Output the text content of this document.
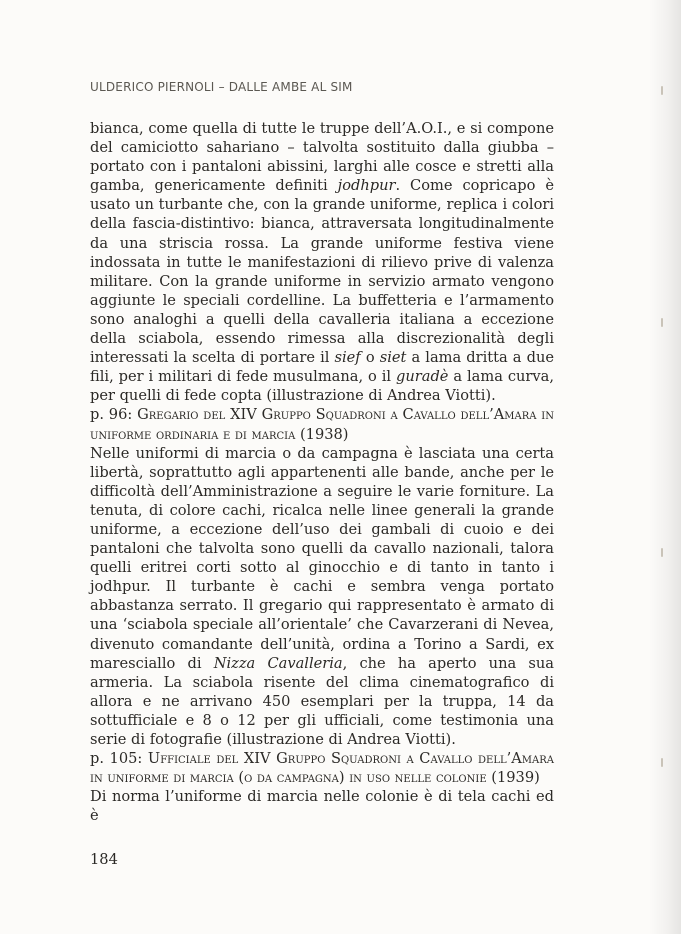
ULDERICO PIERNOLI – DALLE AMBE AL SIM

bianca, come quella di tutte le truppe dell’A.O.I., e si compone del camiciotto sahariano – talvolta sostituito dalla giubba – portato con i pantaloni abissini, larghi alle cosce e stretti alla gamba, genericamente definiti jodhpur. Come copricapo è usato un turbante che, con la grande uniforme, replica i colori della fascia-distintivo: bianca, attraversata longitudinalmente da una striscia rossa. La grande uniforme festiva viene indossata in tutte le manifestazioni di rilievo prive di valenza militare. Con la grande uniforme in servizio armato vengono aggiunte le speciali cordelline. La buffetteria e l’armamento sono analoghi a quelli della cavalleria italiana a eccezione della sciabola, essendo rimessa alla discrezionalità degli interessati la scelta di portare il sief o siet a lama dritta a due fili, per i militari di fede musulmana, o il guradè a lama curva, per quelli di fede copta (illustrazione di Andrea Viotti).

p. 96: Gregario del XIV Gruppo Squadroni a Cavallo dell’Amara in uniforme ordinaria e di marcia (1938)

Nelle uniformi di marcia o da campagna è lasciata una certa libertà, soprattutto agli appartenenti alle bande, anche per le difficoltà dell’Amministrazione a seguire le varie forniture. La tenuta, di colore cachi, ricalca nelle linee generali la grande uniforme, a eccezione dell’uso dei gambali di cuoio e dei pantaloni che talvolta sono quelli da cavallo nazionali, talora quelli eritrei corti sotto al ginocchio e di tanto in tanto i jodhpur. Il turbante è cachi e sembra venga portato abbastanza serrato. Il gregario qui rappresentato è armato di una ‘sciabola speciale all’orientale’ che Cavarzerani di Nevea, divenuto comandante dell’unità, ordina a Torino a Sardi, ex maresciallo di Nizza Cavalleria, che ha aperto una sua armeria. La sciabola risente del clima cinematografico di allora e ne arrivano 450 esemplari per la truppa, 14 da sottufficiale e 8 o 12 per gli ufficiali, come testimonia una serie di fotografie (illustrazione di Andrea Viotti).

p. 105: Ufficiale del XIV Gruppo Squadroni a Cavallo dell’Amara in uniforme di marcia (o da campagna) in uso nelle colonie (1939)

Di norma l’uniforme di marcia nelle colonie è di tela cachi ed è

184
